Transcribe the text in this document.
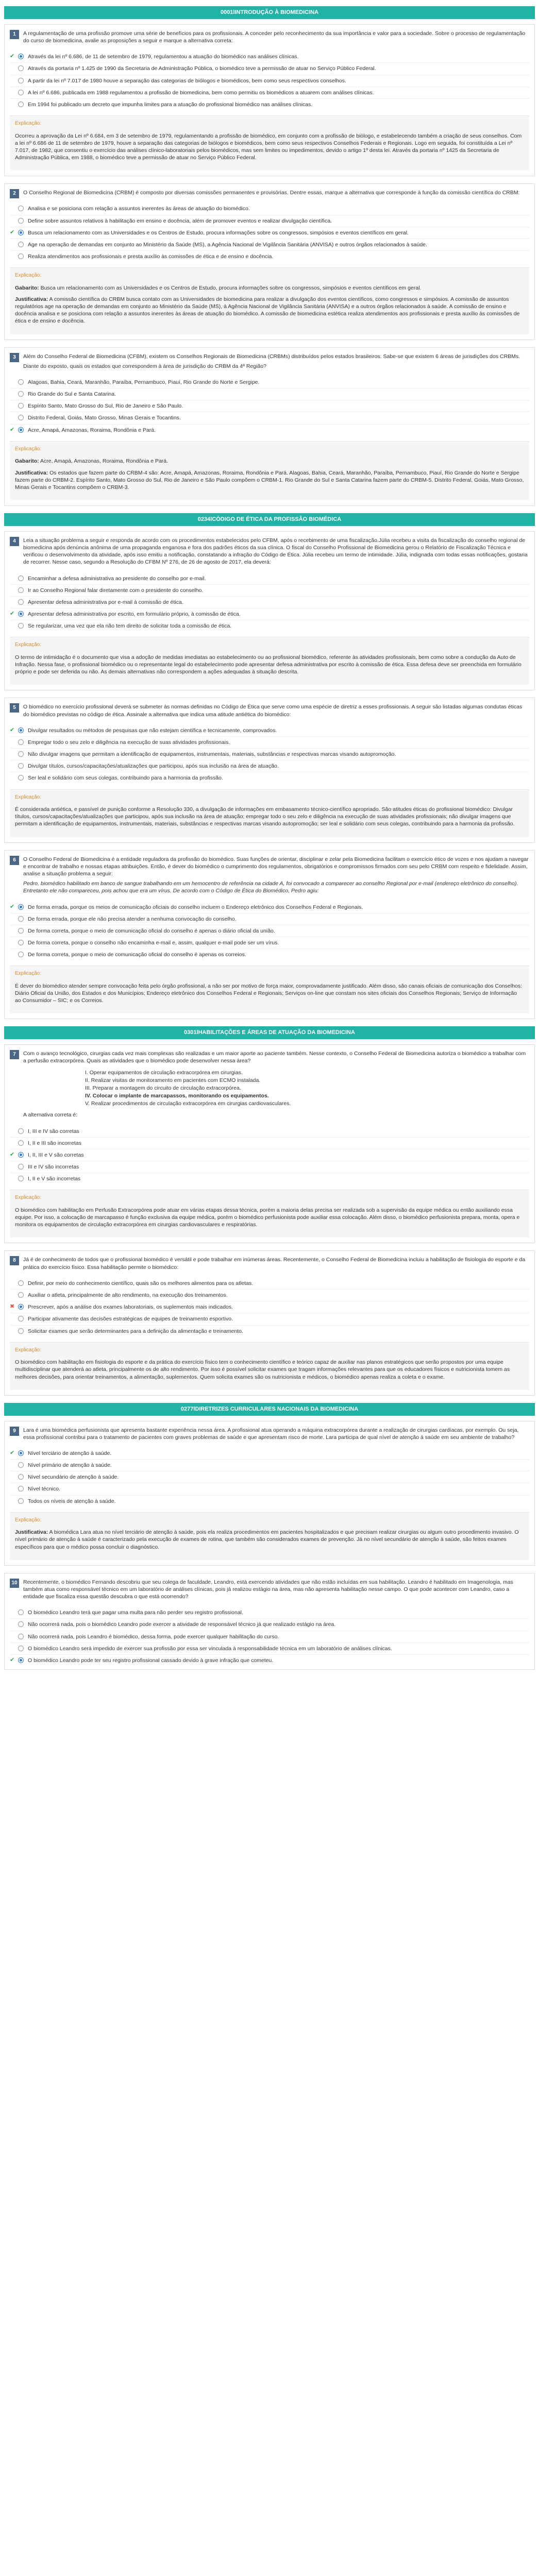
0001lINTRODUÇÃO À BIOMEDICINA
1	A regulamentação de uma profissão promove uma série de benefícios para os profissionais. A conceder pelo reconhecimento da sua importância e valor para a sociedade. Sobre o processo de regulamentação do curso de biomedicina, avalie as proposições a seguir e marque a alternativa correta:

✔	Através da lei nº 6.686, de 11 de setembro de 1979, regulamentou a atuação do biomédico nas análises clínicas.
Através da portaria nº 1.425 de 1990 da Secretaria de Administração Pública, o biomédico teve a permissão de atuar no Serviço Público Federal.
A partir da lei nº 7.017 de 1980 houve a separação das categorias de biólogos e biomédicos, bem como seus respectivos conselhos.
A lei nº 6.686, publicada em 1988 regulamentou a profissão de biomedicina, bem como permitiu os biomédicos a atuarem com análises clínicas.
Em 1994 foi publicado um decreto que impunha limites para a atuação do profissional biomédico nas análises clínicas.
Explicação:

Ocorreu a aprovação da Lei nº 6.684, em 3 de setembro de 1979, regulamentando a profissão de biomédico, em conjunto com a profissão de biólogo, e estabelecendo também a criação de seus conselhos. Com a lei nº 6.686 de 11 de setembro de 1979, houve a separação das categorias de biólogos e biomédicos, bem como seus respectivos Conselhos Federais e Regionais. Logo em seguida, foi constituída a Lei nº 7.017, de 1982, que consentiu o exercício das análises clínico-laboratoriais pelos biomédicos, mas sem limites ou impedimentos, devido o artigo 1º desta lei. Através da portaria nº 1425 da Secretaria de Administração Pública, em 1988, o biomédico teve a permissão de atuar no Serviço Público Federal.

2	O Conselho Regional de Biomedicina (CRBM) é composto por diversas comissões permanentes e provisórias. Dentre essas, marque a alternativa que corresponde à função da comissão científica do CRBM:

Analisa e se posiciona com relação a assuntos inerentes às áreas de atuação do biomédico.
Define sobre assuntos relativos à habilitação em ensino e docência, além de promover eventos e realizar divulgação científica.
✔	Busca um relacionamento com as Universidades e os Centros de Estudo, procura informações sobre os congressos, simpósios e eventos científicos em geral.
Age na operação de demandas em conjunto ao Ministério da Saúde (MS), a Agência Nacional de Vigilância Sanitária (ANVISA) e outros órgãos relacionados à saúde.
Realiza atendimentos aos profissionais e presta auxílio às comissões de ética e de ensino e docência.
Explicação:

Gabarito: Busca um relacionamento com as Universidades e os Centros de Estudo, procura informações sobre os congressos, simpósios e eventos científicos em geral.

Justificativa: A comissão científica do CRBM busca contato com as Universidades de biomedicina para realizar a divulgação dos eventos científicos, como congressos e simpósios. A comissão de assuntos regulatórios age na operação de demandas em conjunto ao Ministério da Saúde (MS), à Agência Nacional de Vigilância Sanitária (ANVISA) e a outros órgãos relacionados à saúde. A comissão de ensino e docência analisa e se posiciona com relação a assuntos inerentes às áreas de atuação do biomédico. A comissão de biomedicina estética realiza atendimentos aos profissionais e presta auxílio às comissões de ética e de ensino e docência.

3	Além do Conselho Federal de Biomedicina (CFBM), existem os Conselhos Regionais de Biomedicina (CRBMs) distribuídos pelos estados brasileiros. Sabe-se que existem 6 áreas de jurisdições dos CRBMs.

Diante do exposto, quais os estados que correspondem à área de jurisdição do CRBM da 4ª Região?

Alagoas, Bahia, Ceará, Maranhão, Paraíba, Pernambuco, Piauí, Rio Grande do Norte e Sergipe.
Rio Grande do Sul e Santa Catarina.
Espírito Santo, Mato Grosso do Sul, Rio de Janeiro e São Paulo.
Distrito Federal, Goiás, Mato Grosso, Minas Gerais e Tocantins.
✔	Acre, Amapá, Amazonas, Roraima, Rondônia e Pará.
Explicação:

Gabarito: Acre, Amapá, Amazonas, Roraima, Rondônia e Pará.

Justificativa: Os estados que fazem parte do CRBM-4 são: Acre, Amapá, Amazonas, Roraima, Rondônia e Pará. Alagoas, Bahia, Ceará, Maranhão, Paraíba, Pernambuco, Piauí, Rio Grande do Norte e Sergipe fazem parte do CRBM-2. Espírito Santo, Mato Grosso do Sul, Rio de Janeiro e São Paulo compõem o CRBM-1. Rio Grande do Sul e Santa Catarina fazem parte do CRBM-5. Distrito Federal, Goiás, Mato Grosso, Minas Gerais e Tocantins compõem o CRBM-3.

0234lCÓDIGO DE ÉTICA DA PROFISSÃO BIOMÉDICA
4	Leia a situação problema a seguir e responda de acordo com os procedimentos estabelecidos pelo CFBM, após o recebimento de uma fiscalização.Júlia recebeu a visita da fiscalização do conselho regional de biomedicina após denúncia anônima de uma propaganda enganosa e fora dos padrões éticos da sua clínica. O fiscal do Conselho Profissional de Biomedicina gerou o Relatório de Fiscalização Técnica e verificou o desenvolvimento da atividade, após isso emitiu a notificação, constatando a infração do Código de Ética. Júlia recebeu um termo de intimidade. Júlia, indignada com todas essas notificações, gostaria de recorrer. Nesse caso, segundo a Resolução do CFBM Nº 276, de 26 de agosto de 2017, ela deverá:

Encaminhar a defesa administrativa ao presidente do conselho por e-mail.
Ir ao Conselho Regional falar diretamente com o presidente do conselho.
Apresentar defesa administrativa por e-mail à comissão de ética.
✔	Apresentar defesa administrativa por escrito, em formulário próprio, à comissão de ética.
Se regularizar, uma vez que ela não tem direito de solicitar toda a comissão de ética.
Explicação:

O termo de intimidação é o documento que visa a adoção de medidas imediatas ao estabelecimento ou ao profissional biomédico, referente às atividades profissionais, bem como sobre a condução da Auto de Infração. Nessa fase, o profissional biomédico ou o representante legal do estabelecimento pode apresentar defesa administrativa por escrito à comissão de ética. Essa defesa deve ser preenchida em formulário próprio e pode ser deferida ou não. As demais alternativas não correspondem a ações adequadas à situação descrita.

5	O biomédico no exercício profissional deverá se submeter às normas definidas no Código de Ética que serve como uma espécie de diretriz a esses profissionais. A seguir são listadas algumas condutas éticas do biomédico previstas no código de ética. Assinale a alternativa que indica uma atitude antiética do biomédico:

✔	Divulgar resultados ou métodos de pesquisas que não estejam científica e tecnicamente, comprovados.
Empregar todo o seu zelo e diligência na execução de suas atividades profissionais.
Não divulgar imagens que permitam a identificação de equipamentos, instrumentais, materiais, substâncias e respectivas marcas visando autopromoção.
Divulgar títulos, cursos/capacitações/atualizações que participou, após sua inclusão na área de atuação.
Ser leal e solidário com seus colegas, contribuindo para a harmonia da profissão.
Explicação:

É considerada antiética, e passível de punição conforme a Resolução 330, a divulgação de informações em embasamento técnico-científico apropriado. São atitudes éticas do profissional biomédico: Divulgar títulos, cursos/capacitações/atualizações que participou, após sua inclusão na área de atuação; empregar todo o seu zelo e diligência na execução de suas atividades profissionais; não divulgar imagens que permitam a identificação de equipamentos, instrumentais, materiais, substâncias e respectivas marcas visando autopromoção; ser leal e solidário com seus colegas, contribuindo para a harmonia da profissão.

6	O Conselho Federal de Biomedicina é a entidade reguladora da profissão do biomédico. Suas funções de orientar, disciplinar e zelar pela Biomedicina facilitam o exercício ético de vozes e nos ajudam a navegar e encontrar de trabalho e nossas etapas atribuições. Então, é dever do biomédico o cumprimento dos regulamentos, obrigatórios e compromissos firmados com seu pelo CRBM com respeito e fidelidade. Assim, analise a situação problema a seguir:

Pedro, biomédico habilitado em banco de sangue trabalhando em um hemocentro de referência na cidade A, foi convocado a comparecer ao conselho Regional por e-mail (endereço eletrônico do conselho). Entretanto ele não compareceu, pois achou que era um vírus. De acordo com o Código de Ética do Biomédico, Pedro agiu:

✔	De forma errada, porque os meios de comunicação oficiais do conselho incluem o Endereço eletrônico dos Conselhos Federal e Regionais.
De forma errada, porque ele não precisa atender a nenhuma convocação do conselho.
De forma correta, porque o meio de comunicação oficial do conselho é apenas o diário oficial da união.
De forma correta, porque o conselho não encaminha e-mail e, assim, qualquer e-mail pode ser um vírus.
De forma correta, porque o meio de comunicação oficial do conselho é apenas os correios.
Explicação:

É dever do biomédico atender sempre convocação feita pelo órgão profissional, a não ser por motivo de força maior, comprovadamente justificado. Além disso, são canais oficiais de comunicação dos Conselhos: Diário Oficial da União, dos Estados e dos Municípios; Endereço eletrônico dos Conselhos Federal e Regionais; Serviços on-line que constam nos sites oficiais dos Conselhos Regionais; Serviço de Informação ao Consumidor – SIC; e os Correios.

0301lHABILITAÇÕES E ÁREAS DE ATUAÇÃO DA BIOMEDICINA
7	Com o avanço tecnológico, cirurgias cada vez mais complexas são realizadas e um maior aporte ao paciente também. Nesse contexto, o Conselho Federal de Biomedicina autoriza o biomédico a trabalhar com a perfusão extracorpórea. Quais as atividades que o biomédico pode desenvolver nessa área?

I. Operar equipamentos de circulação extracorpórea em cirurgias.
II. Realizar visitas de monitoramento em pacientes com ECMO instalada.
III. Preparar a montagem do circuito de circulação extracorpórea.
IV. Colocar o implante de marcapassos, monitorando os equipamentos.
V. Realizar procedimentos de circulação extracorpórea em cirurgias cardiovasculares.

A alternativa correta é:

I, III e IV são corretas
I, II e III são incorretas
✔	I, II, III e V são corretas
III e IV são incorretas
I, II e V são incorretas
Explicação:

O biomédico com habilitação em Perfusão Extracorpórea pode atuar em várias etapas dessa técnica, porém a maioria delas precisa ser realizada sob a supervisão da equipe médica ou então auxiliando essa equipe. Por isso, a colocação de marcapasso é função exclusiva da equipe médica, porém o biomédico perfusionista pode auxiliar essa colocação. Além disso, o biomédico perfusionista prepara, monta, opera e monitora os equipamentos de circulação extracorpórea em cirurgias cardiovasculares e respiratórias.

8	Já é de conhecimento de todos que o profissional biomédico é versátil e pode trabalhar em inúmeras áreas. Recentemente, o Conselho Federal de Biomedicina incluiu a habilitação de fisiologia do esporte e da prática do exercício físico. Essa habilitação permite o biomédico:

Definir, por meio do conhecimento científico, quais são os melhores alimentos para os atletas.
Auxiliar o atleta, principalmente de alto rendimento, na execução dos treinamentos.
✖	Prescrever, após a análise dos exames laboratoriais, os suplementos mais indicados.
Participar ativamente das decisões estratégicas de equipes de treinamento esportivo.
Solicitar exames que serão determinantes para a definição da alimentação e treinamento.
Explicação:

O biomédico com habilitação em fisiologia do esporte e da prática do exercício físico tem o conhecimento científico e teórico capaz de auxiliar nas planos estratégicos que serão propostos por uma equipe multidisciplinar que atenderá ao atleta, principalmente os de alto rendimento. Por isso é possível solicitar exames que tragam informações relevantes para que os educadores físicos e nutricionista tomem as melhores decisões, para orientar treinamentos, a alimentação, suplementos. Quem solicita exames são os nutricionista e médicos, o biomédico apenas realiza a coleta e o exame.

0277lDIRETRIZES CURRICULARES NACIONAIS DA BIOMEDICINA
9	Lara é uma biomédica perfusionista que apresenta bastante experiência nessa área. A profissional atua operando a máquina extracorpórea durante a realização de cirurgias cardíacas, por exemplo. Ou seja, essa profissional contribui para o tratamento de pacientes com graves problemas de saúde e que apresentam risco de morte. Lara participa de qual nível de atenção à saúde em seu ambiente de trabalho?

✔	Nível terciário de atenção à saúde.
Nível primário de atenção à saúde.
Nível secundário de atenção à saúde.
Nível técnico.
Todos os níveis de atenção à saúde.
Explicação:

Justificativa: A biomédica Lara atua no nível terciário de atenção à saúde, pois ela realiza procedimentos em pacientes hospitalizados e que precisam realizar cirurgias ou algum outro procedimento invasivo. O nível primário de atenção à saúde é caracterizado pela execução de exames de rotina, que também são considerados exames de prevenção. Já no nível secundário de atenção à saúde, são feitos exames específicos para que o médico possa concluir o diagnóstico.

10	Recentemente, o biomédico Fernando descobriu que seu colega de faculdade, Leandro, está exercendo atividades que não estão incluídas em sua habilitação. Leandro é habilitado em Imagenologia, mas também atua como responsável técnico em um laboratório de análises clínicas, pois já realizou estágio na área, mas não apresenta habilitação nesse campo. O que pode acontecer com Leandro, caso a entidade que fiscaliza essa questão descubra o que está ocorrendo?

O biomédico Leandro terá que pagar uma multa para não perder seu registro profissional.
Não ocorrerá nada, pois o biomédico Leandro pode exercer a atividade de responsável técnico já que realizado estágio na área.
Não ocorrerá nada, pois Leandro é biomédico, dessa forma, pode exercer qualquer habilitação do curso.
O biomédico Leandro será impedido de exercer sua profissão por essa ser vinculada à responsabilidade técnica em um laboratório de análises clínicas.
✔	O biomédico Leandro pode ter seu registro profissional cassado devido à grave infração que cometeu.
